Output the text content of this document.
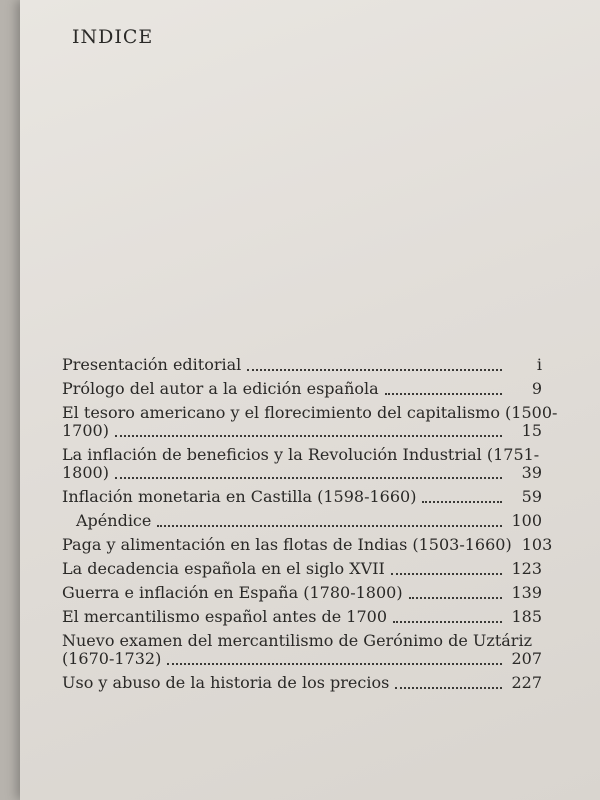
INDICE
Presentación editorial	i
Prólogo del autor a la edición española	9
El tesoro americano y el florecimiento del capitalismo (1500-
1700)	15
La inflación de beneficios y la Revolución Industrial (1751-
1800)	39
Inflación monetaria en Castilla (1598-1660)	59
Apéndice	100
Paga y alimentación en las flotas de Indias (1503-1660) 103
La decadencia española en el siglo XVII	123
Guerra e inflación en España (1780-1800)	139
El mercantilismo español antes de 1700	185
Nuevo examen del mercantilismo de Gerónimo de Uztáriz
(1670-1732)	207
Uso y abuso de la historia de los precios	227
